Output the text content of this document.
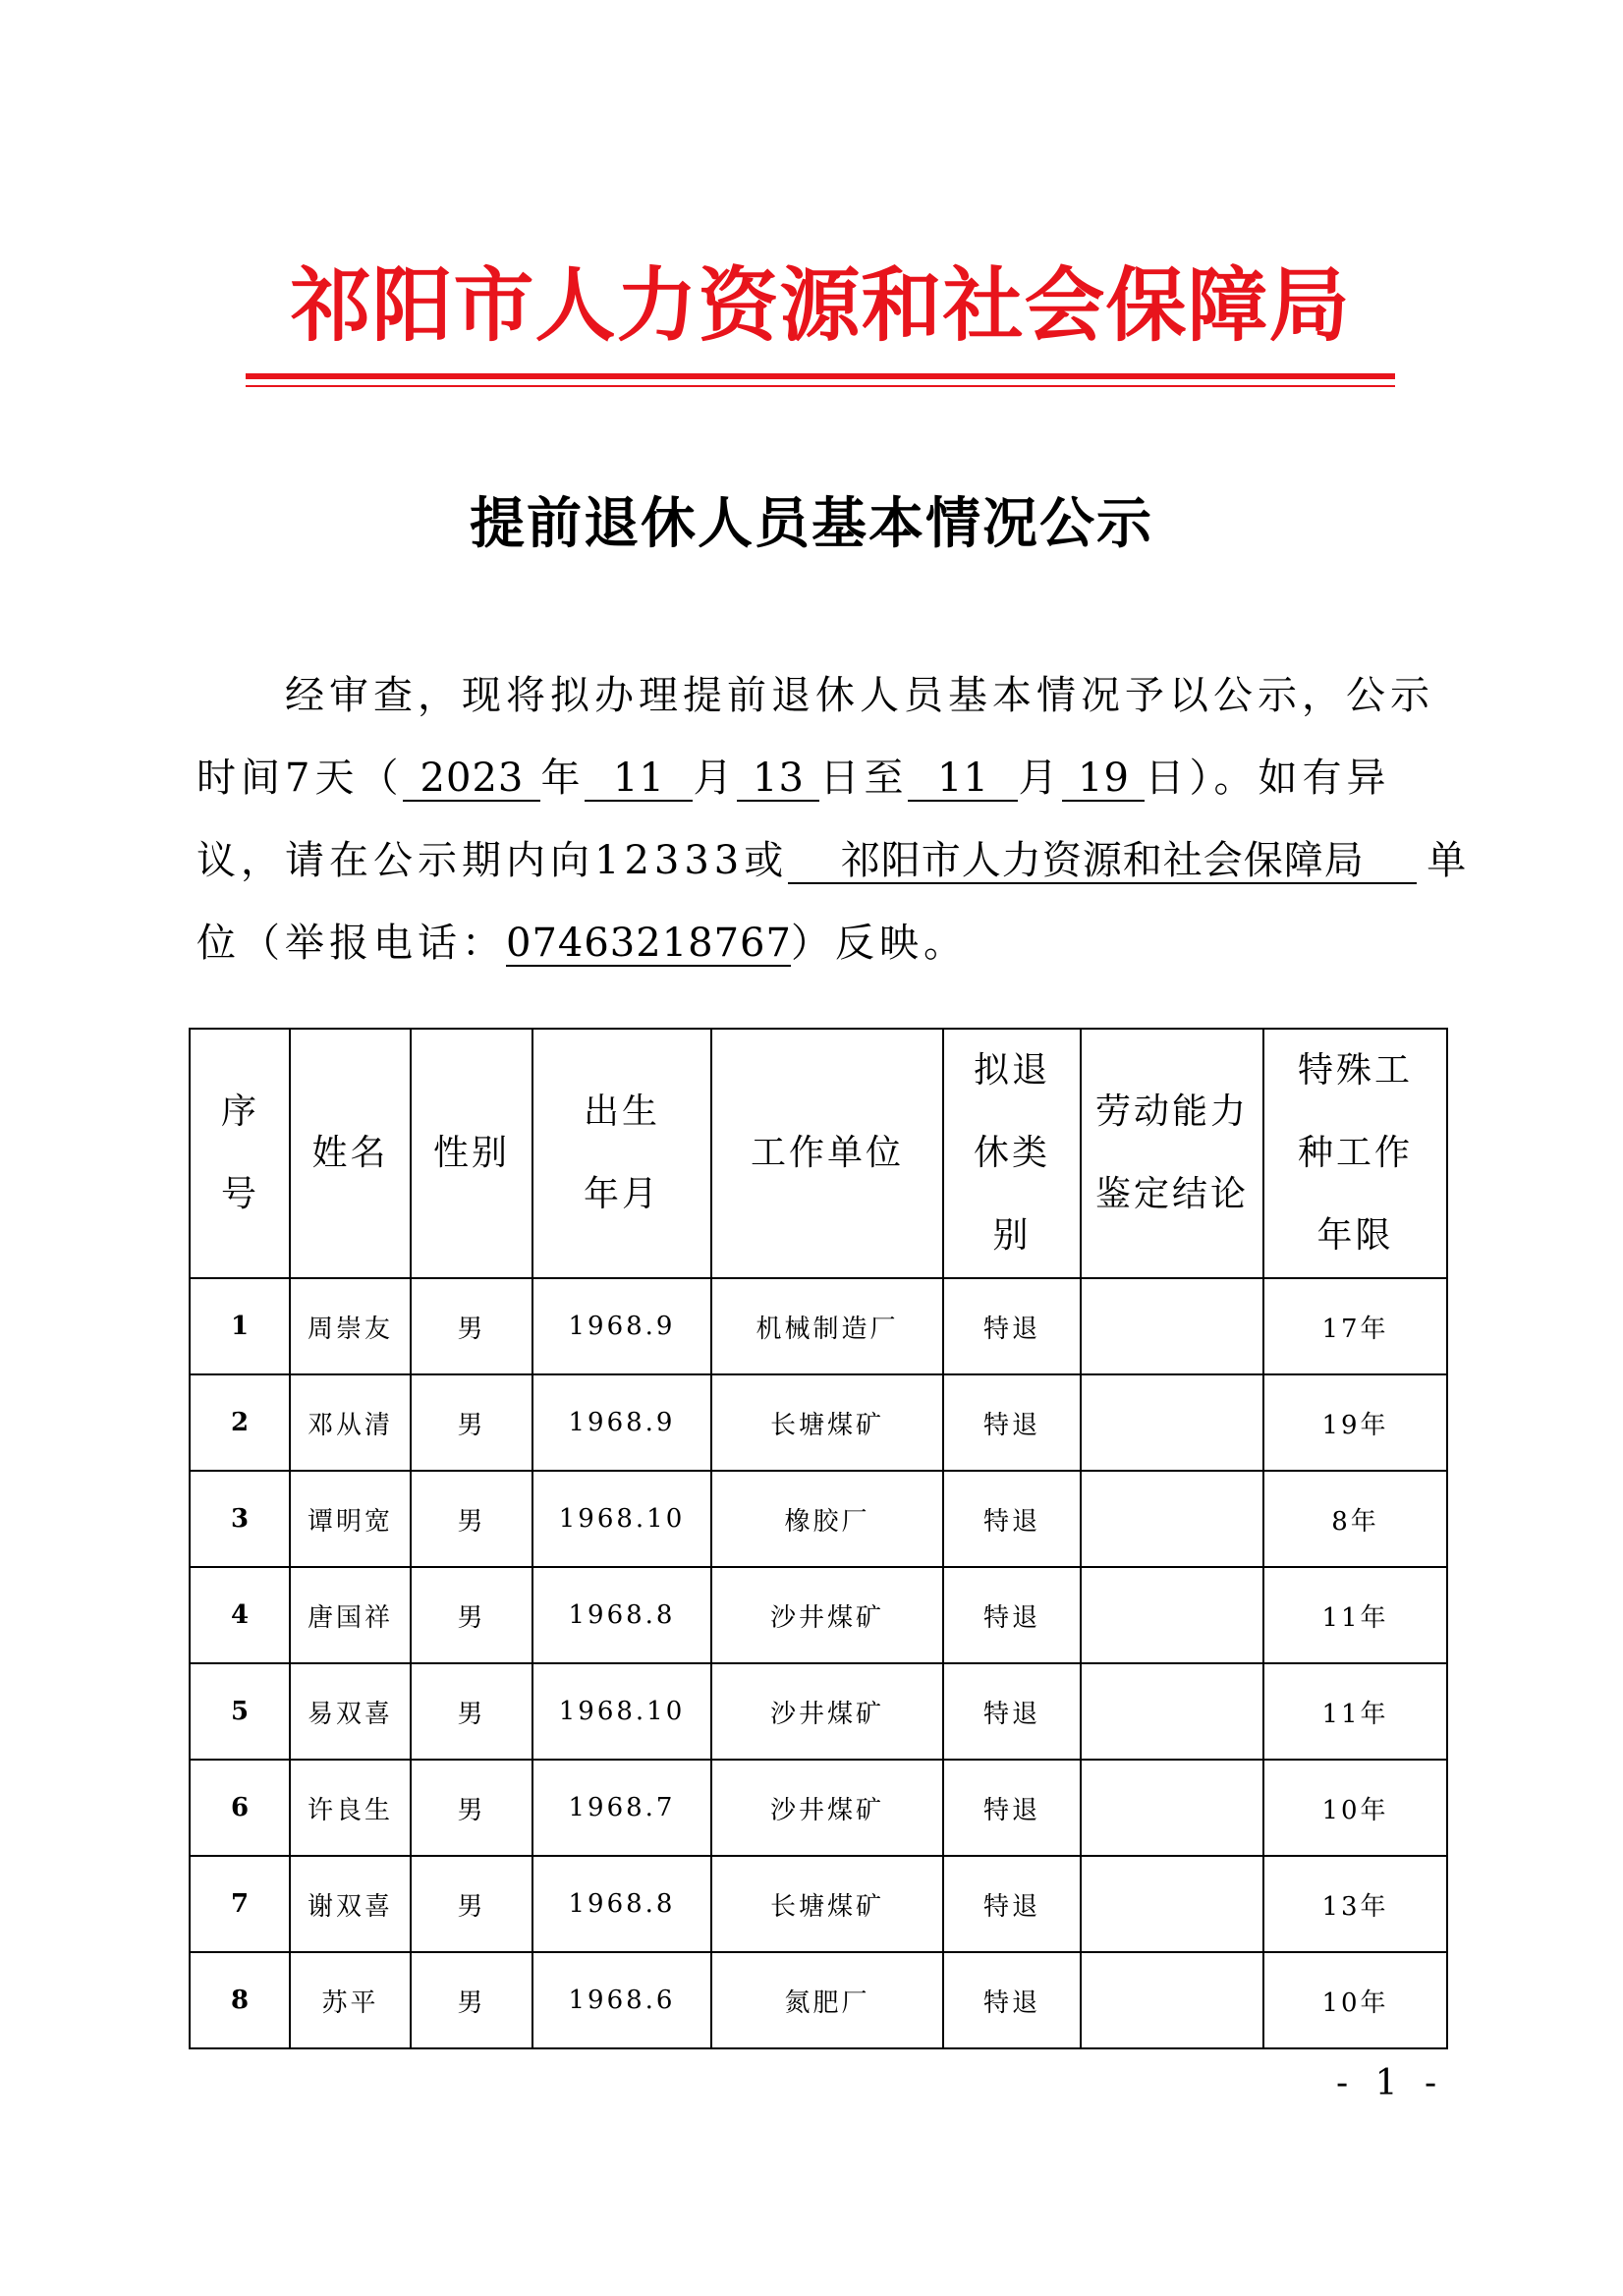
祁阳市人力资源和社会保障局
提前退休人员基本情况公示
经审查，现将拟办理提前退休人员基本情况予以公示，公示
时间7天（ 2023 年 11 月 13 日至 11 月 19 日）。如有异
议，请在公示期内向12333或 祁阳市人力资源和社会保障局 单
位（举报电话：07463218767）反映。
序号	姓名	性别	出生年月	工作单位	拟退休类别	劳动能力鉴定结论	特殊工种工作年限
1	周崇友	男	1968.9	机械制造厂	特退		17年
2	邓从清	男	1968.9	长塘煤矿	特退		19年
3	谭明宽	男	1968.10	橡胶厂	特退		8年
4	唐国祥	男	1968.8	沙井煤矿	特退		11年
5	易双喜	男	1968.10	沙井煤矿	特退		11年
6	许良生	男	1968.7	沙井煤矿	特退		10年
7	谢双喜	男	1968.8	长塘煤矿	特退		13年
8	苏平	男	1968.6	氮肥厂	特退		10年
- 1 -
